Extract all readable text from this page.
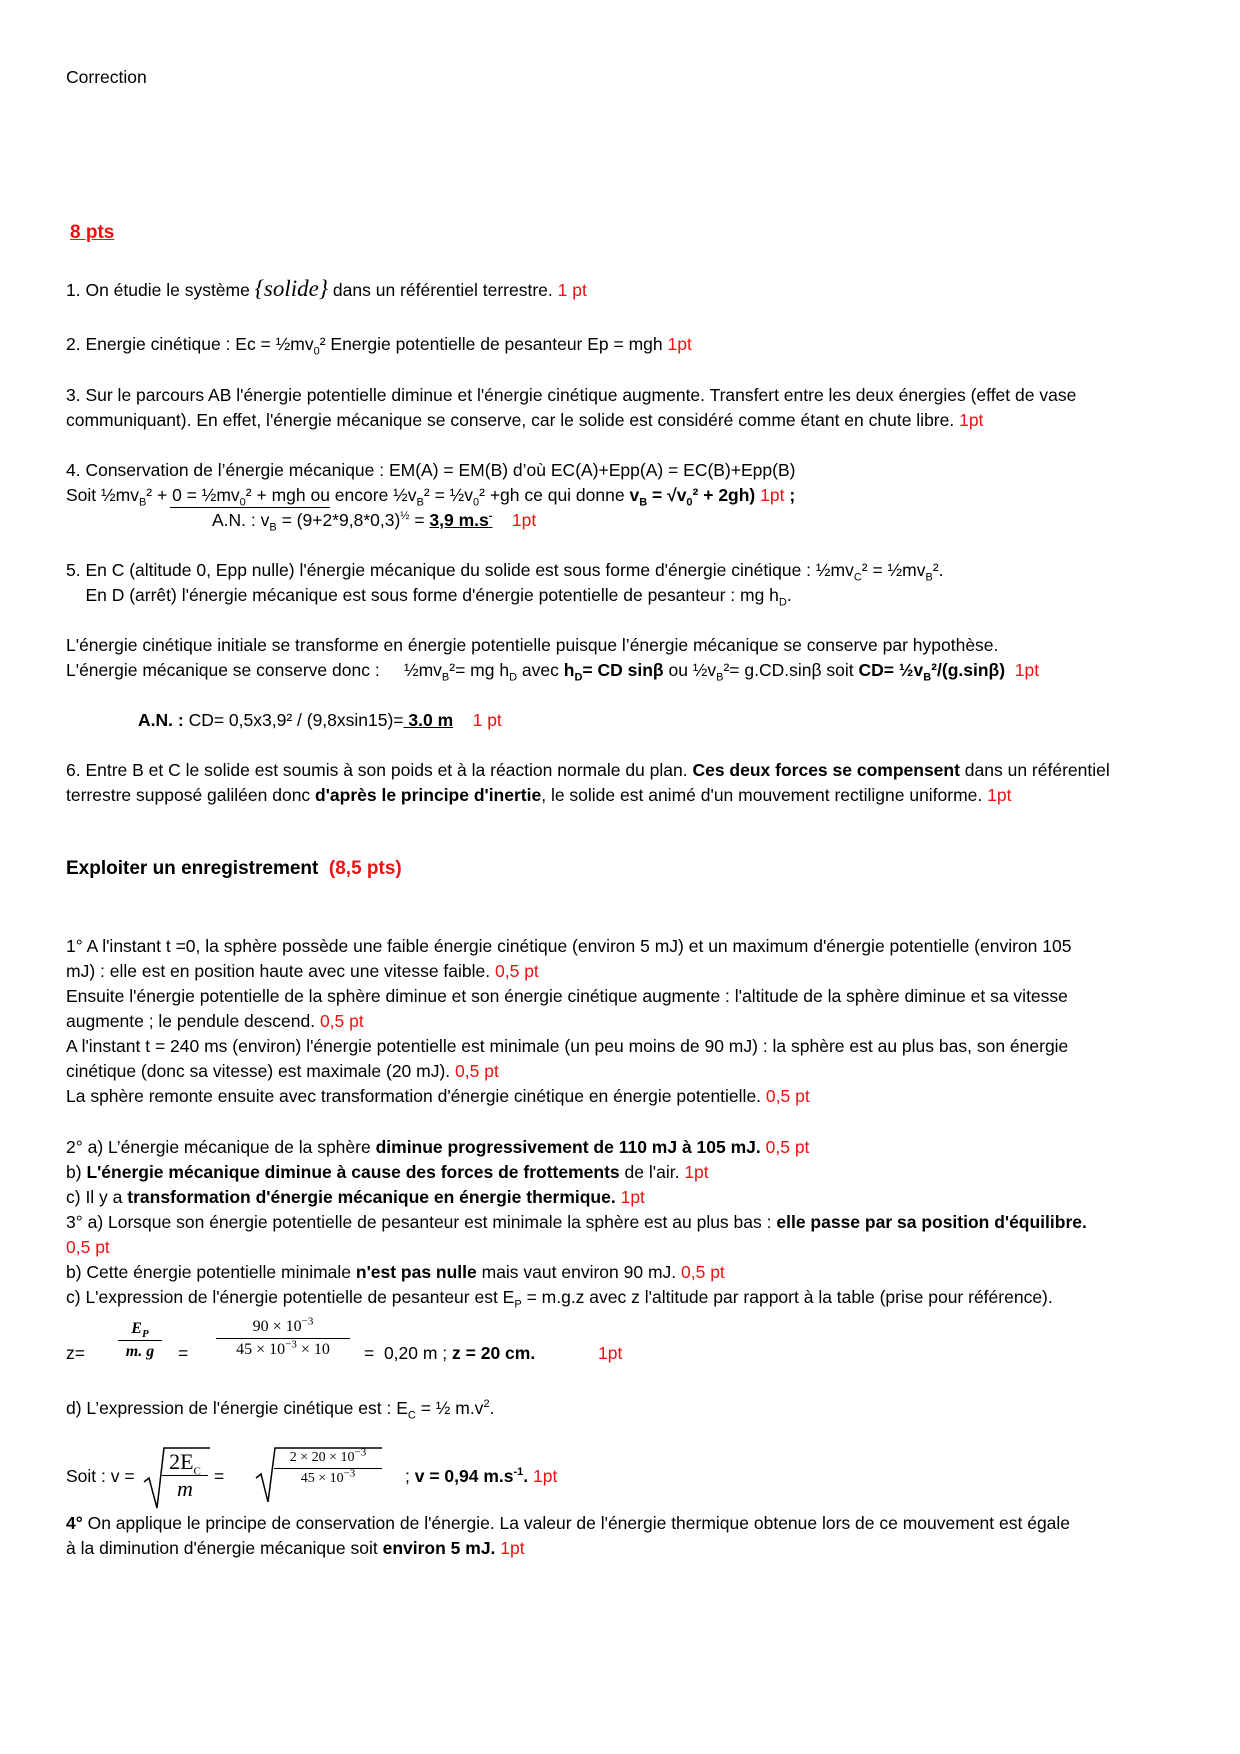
Correction
8 pts
1. On étudie le système {solide} dans un référentiel terrestre. 1 pt
2. Energie cinétique : $Ec = \frac{1}{2}mv_0^2$ Energie potentielle de pesanteur Ep = mgh 1pt
3. Sur le parcours AB l'énergie potentielle diminue et l'énergie cinétique augmente. Transfert entre les deux énergies (effet de vase
communiquant). En effet, l'énergie mécanique se conserve, car le solide est considéré comme étant en chute libre. 1pt
4. Conservation de l’énergie mécanique : EM(A) = EM(B) d’où EC(A)+Epp(A) = EC(B)+Epp(B)
Soit $\frac{1}{2}mv_B^2 + 0$ = $\frac{1}{2}mv_0^2$ + mgh ou encore $\frac{1}{2}v_B^2$ = $\frac{1}{2}v_0^2 +gh$ ce qui donne $v_B = √v_0^2 + 2gh$) 1pt ;
A.N. : $v_B = (9+2*9,8*0,3)^{\frac{1}{2}} = 3,9$ m.s- 1pt
5. En C (altitude 0, Epp nulle) l'énergie mécanique du solide est sous forme d'énergie cinétique : $\frac{1}{2}mv_C^2$ = $\frac{1}{2}mv_B^2$.
En D (arrêt) l'énergie mécanique est sous forme d'énergie potentielle de pesanteur : mg $h_D$.
L'énergie cinétique initiale se transforme en énergie potentielle puisque l’énergie mécanique se conserve par hypothèse.
L'énergie mécanique se conserve donc :     $\frac{1}{2}mv_B^2=$ mg $h_D$ avec $h_D=$ CD sinβ ou $\frac{1}{2}v_B^2= g.CD.\sin\beta$ soit $CD= \frac{1}{2}v_B^2/(g.\sin\beta)$ 1pt
A.N. : CD= 0,5x3,9² / (9,8xsin15)= 3.0 m 1 pt
6. Entre B et C le solide est soumis à son poids et à la réaction normale du plan. Ces deux forces se compensent dans un référentiel
terrestre supposé galiléen donc d'après le principe d'inertie, le solide est animé d'un mouvement rectiligne uniforme. 1pt
Exploiter un enregistrement (8,5 pts)
1° A l'instant t =0, la sphère possède une faible énergie cinétique (environ 5 mJ) et un maximum d'énergie potentielle (environ 105
mJ) : elle est en position haute avec une vitesse faible. 0,5 pt
Ensuite l'énergie potentielle de la sphère diminue et son énergie cinétique augmente : l'altitude de la sphère diminue et sa vitesse
augmente ; le pendule descend. 0,5 pt
A l'instant t = 240 ms (environ) l'énergie potentielle est minimale (un peu moins de 90 mJ) : la sphère est au plus bas, son énergie
cinétique (donc sa vitesse) est maximale (20 mJ). 0,5 pt
La sphère remonte ensuite avec transformation d'énergie cinétique en énergie potentielle. 0,5 pt
2° a) L’énergie mécanique de la sphère diminue progressivement de 110 mJ à 105 mJ. 0,5 pt
b) L'énergie mécanique diminue à cause des forces de frottements de l'air. 1pt
c) Il y a transformation d'énergie mécanique en énergie thermique. 1pt
3° a) Lorsque son énergie potentielle de pesanteur est minimale la sphère est au plus bas : elle passe par sa position d'équilibre.
0,5 pt
b) Cette énergie potentielle minimale n'est pas nulle mais vaut environ 90 mJ. 0,5 pt
c) L'expression de l'énergie potentielle de pesanteur est $E_P = m.g.z$ avec z l'altitude par rapport à la table (prise pour référence).
z=
$E_P$
m. g	=
$90 \times 10^{-3}$
$45 \times 10^{-3} \times 10$	=  0,20 m ; z = 20 cm.	1pt
d) L’expression de l'énergie cinétique est : $E_C$ = ½ $m.v^2$.
Soit : v =
$2E_C$
m	=
$2 \times 20 \times 10^{-3}$
$45 \times 10^{-3}$	; v = 0,94 $m.s^{-1}$. 1pt
4° On applique le principe de conservation de l'énergie. La valeur de l'énergie thermique obtenue lors de ce mouvement est égale
à la diminution d'énergie mécanique soit environ 5 mJ. 1pt
